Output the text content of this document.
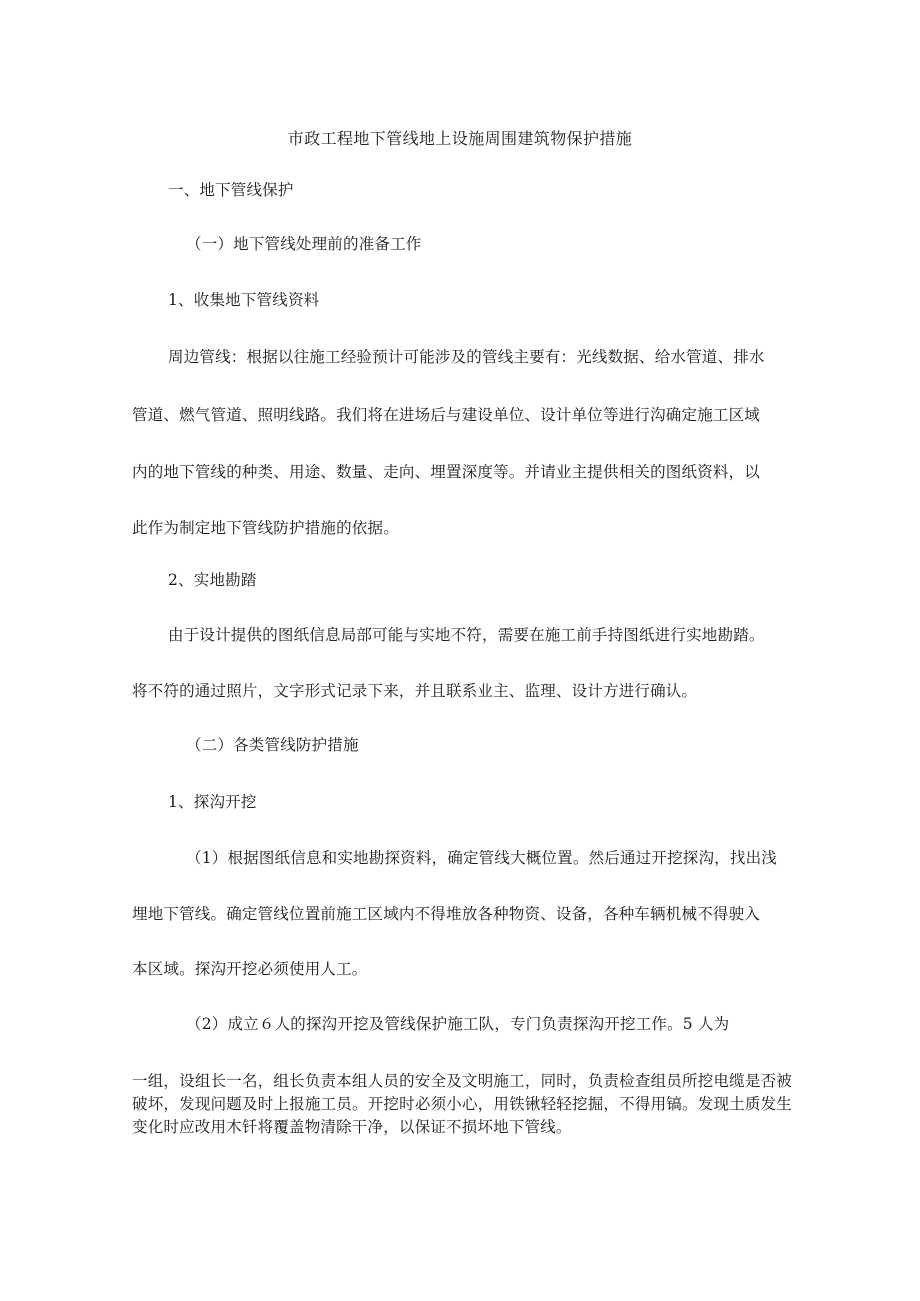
市政工程地下管线地上设施周围建筑物保护措施
一、地下管线保护
（一）地下管线处理前的准备工作
1、收集地下管线资料
周边管线：根据以往施工经验预计可能涉及的管线主要有：光线数据、给水管道、排水
管道、燃气管道、照明线路。我们将在进场后与建设单位、设计单位等进行沟确定施工区域
内的地下管线的种类、用途、数量、走向、埋置深度等。并请业主提供相关的图纸资料，以
此作为制定地下管线防护措施的依据。
2、实地勘踏
由于设计提供的图纸信息局部可能与实地不符，需要在施工前手持图纸进行实地勘踏。
将不符的通过照片，文字形式记录下来，并且联系业主、监理、设计方进行确认。
（二）各类管线防护措施
1、探沟开挖
（1）根据图纸信息和实地勘探资料，确定管线大概位置。然后通过开挖探沟，找出浅
埋地下管线。确定管线位置前施工区域内不得堆放各种物资、设备，各种车辆机械不得驶入
本区域。探沟开挖必须使用人工。
（2）成立６人的探沟开挖及管线保护施工队，专门负责探沟开挖工作。5 人为
一组，设组长一名，组长负责本组人员的安全及文明施工，同时，负责检查组员所挖电缆是否被破坏，发现问题及时上报施工员。开挖时必须小心，用铁锹轻轻挖掘，不得用镐。发现土质发生变化时应改用木钎将覆盖物清除干净，以保证不损坏地下管线。
